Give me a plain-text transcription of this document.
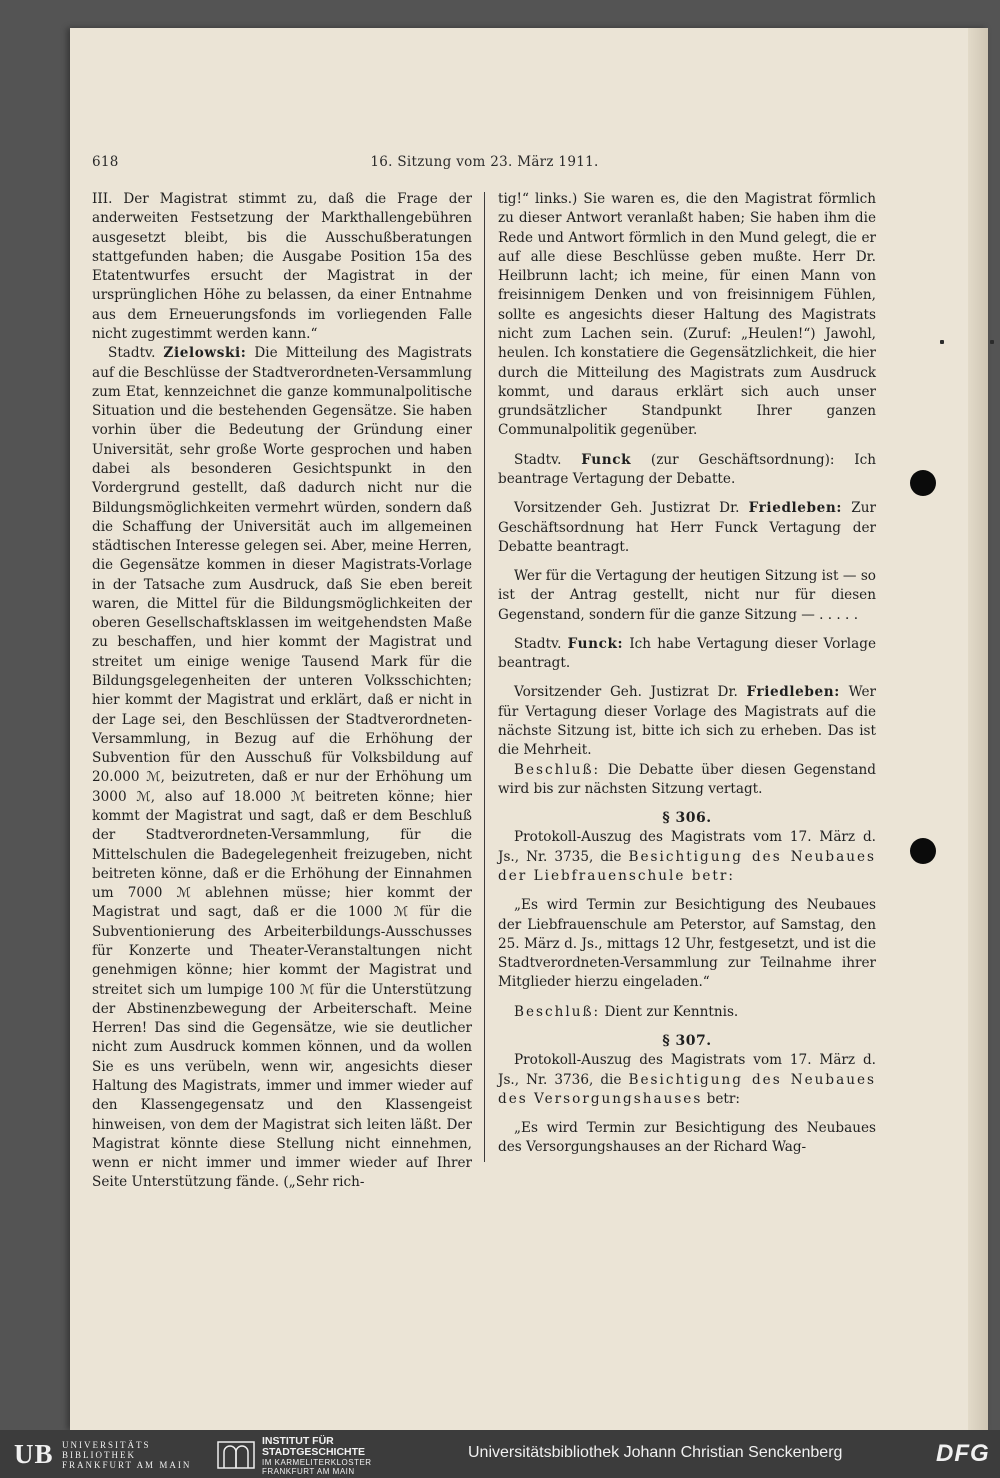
618	16. Sitzung vom 23. März 1911.

III. Der Magistrat stimmt zu, daß die Frage der anderweiten Festsetzung der Markthallengebühren ausgesetzt bleibt, bis die Ausschußberatungen stattgefunden haben; die Ausgabe Position 15a des Etatentwurfes ersucht der Magistrat in der ursprünglichen Höhe zu belassen, da einer Entnahme aus dem Erneuerungsfonds im vorliegenden Falle nicht zugestimmt werden kann.“

Stadtv. Zielowski: Die Mitteilung des Magistrats auf die Beschlüsse der Stadtverordneten-Versammlung zum Etat, kennzeichnet die ganze kommunalpolitische Situation und die bestehenden Gegensätze. Sie haben vorhin über die Bedeutung der Gründung einer Universität, sehr große Worte gesprochen und haben dabei als besonderen Gesichtspunkt in den Vordergrund gestellt, daß dadurch nicht nur die Bildungsmöglichkeiten vermehrt würden, sondern daß die Schaffung der Universität auch im allgemeinen städtischen Interesse gelegen sei. Aber, meine Herren, die Gegensätze kommen in dieser Magistrats-Vorlage in der Tatsache zum Ausdruck, daß Sie eben bereit waren, die Mittel für die Bildungsmöglichkeiten der oberen Gesellschaftsklassen im weitgehendsten Maße zu beschaffen, und hier kommt der Magistrat und streitet um einige wenige Tausend Mark für die Bildungsgelegenheiten der unteren Volksschichten; hier kommt der Magistrat und erklärt, daß er nicht in der Lage sei, den Beschlüssen der Stadtverordneten-Versammlung, in Bezug auf die Erhöhung der Subvention für den Ausschuß für Volksbildung auf 20.000 ℳ, beizutreten, daß er nur der Erhöhung um 3000 ℳ, also auf 18.000 ℳ beitreten könne; hier kommt der Magistrat und sagt, daß er dem Beschluß der Stadtverordneten-Versammlung, für die Mittelschulen die Badegelegenheit freizugeben, nicht beitreten könne, daß er die Erhöhung der Einnahmen um 7000 ℳ ablehnen müsse; hier kommt der Magistrat und sagt, daß er die 1000 ℳ für die Subventionierung des Arbeiterbildungs-Ausschusses für Konzerte und Theater-Veranstaltungen nicht genehmigen könne; hier kommt der Magistrat und streitet sich um lumpige 100 ℳ für die Unterstützung der Abstinenzbewegung der Arbeiterschaft. Meine Herren! Das sind die Gegensätze, wie sie deutlicher nicht zum Ausdruck kommen können, und da wollen Sie es uns verübeln, wenn wir, angesichts dieser Haltung des Magistrats, immer und immer wieder auf den Klassengegensatz und den Klassengeist hinweisen, von dem der Magistrat sich leiten läßt. Der Magistrat könnte diese Stellung nicht einnehmen, wenn er nicht immer und immer wieder auf Ihrer Seite Unterstützung fände. („Sehr rich-

tig!“ links.) Sie waren es, die den Magistrat förmlich zu dieser Antwort veranlaßt haben; Sie haben ihm die Rede und Antwort förmlich in den Mund gelegt, die er auf alle diese Beschlüsse geben mußte. Herr Dr. Heilbrunn lacht; ich meine, für einen Mann von freisinnigem Denken und von freisinnigem Fühlen, sollte es angesichts dieser Haltung des Magistrats nicht zum Lachen sein. (Zuruf: „Heulen!“) Jawohl, heulen. Ich konstatiere die Gegensätzlichkeit, die hier durch die Mitteilung des Magistrats zum Ausdruck kommt, und daraus erklärt sich auch unser grundsätzlicher Standpunkt Ihrer ganzen Communalpolitik gegenüber.

Stadtv. Funck (zur Geschäftsordnung): Ich beantrage Vertagung der Debatte.

Vorsitzender Geh. Justizrat Dr. Friedleben: Zur Geschäftsordnung hat Herr Funck Vertagung der Debatte beantragt.

Wer für die Vertagung der heutigen Sitzung ist — so ist der Antrag gestellt, nicht nur für diesen Gegenstand, sondern für die ganze Sitzung — . . . . .

Stadtv. Funck: Ich habe Vertagung dieser Vorlage beantragt.

Vorsitzender Geh. Justizrat Dr. Friedleben: Wer für Vertagung dieser Vorlage des Magistrats auf die nächste Sitzung ist, bitte ich sich zu erheben. Das ist die Mehrheit.

Beschluß: Die Debatte über diesen Gegenstand wird bis zur nächsten Sitzung vertagt.

§ 306.

Protokoll-Auszug des Magistrats vom 17. März d. Js., Nr. 3735, die Besichtigung des Neubaues der Liebfrauenschule betr:

„Es wird Termin zur Besichtigung des Neubaues der Liebfrauenschule am Peterstor, auf Samstag, den 25. März d. Js., mittags 12 Uhr, festgesetzt, und ist die Stadtverordneten-Versammlung zur Teilnahme ihrer Mitglieder hierzu eingeladen.“

Beschluß: Dient zur Kenntnis.

§ 307.

Protokoll-Auszug des Magistrats vom 17. März d. Js., Nr. 3736, die Besichtigung des Neubaues des Versorgungshauses betr:

„Es wird Termin zur Besichtigung des Neubaues des Versorgungshauses an der Richard Wag-

UB UNIVERSITÄTS
BIBLIOTHEK
FRANKFURT AM MAIN
INSTITUT FÜR
STADTGESCHICHTE
IM KARMELITERKLOSTER
FRANKFURT AM MAIN
Universitätsbibliothek Johann Christian Senckenberg	DFG
